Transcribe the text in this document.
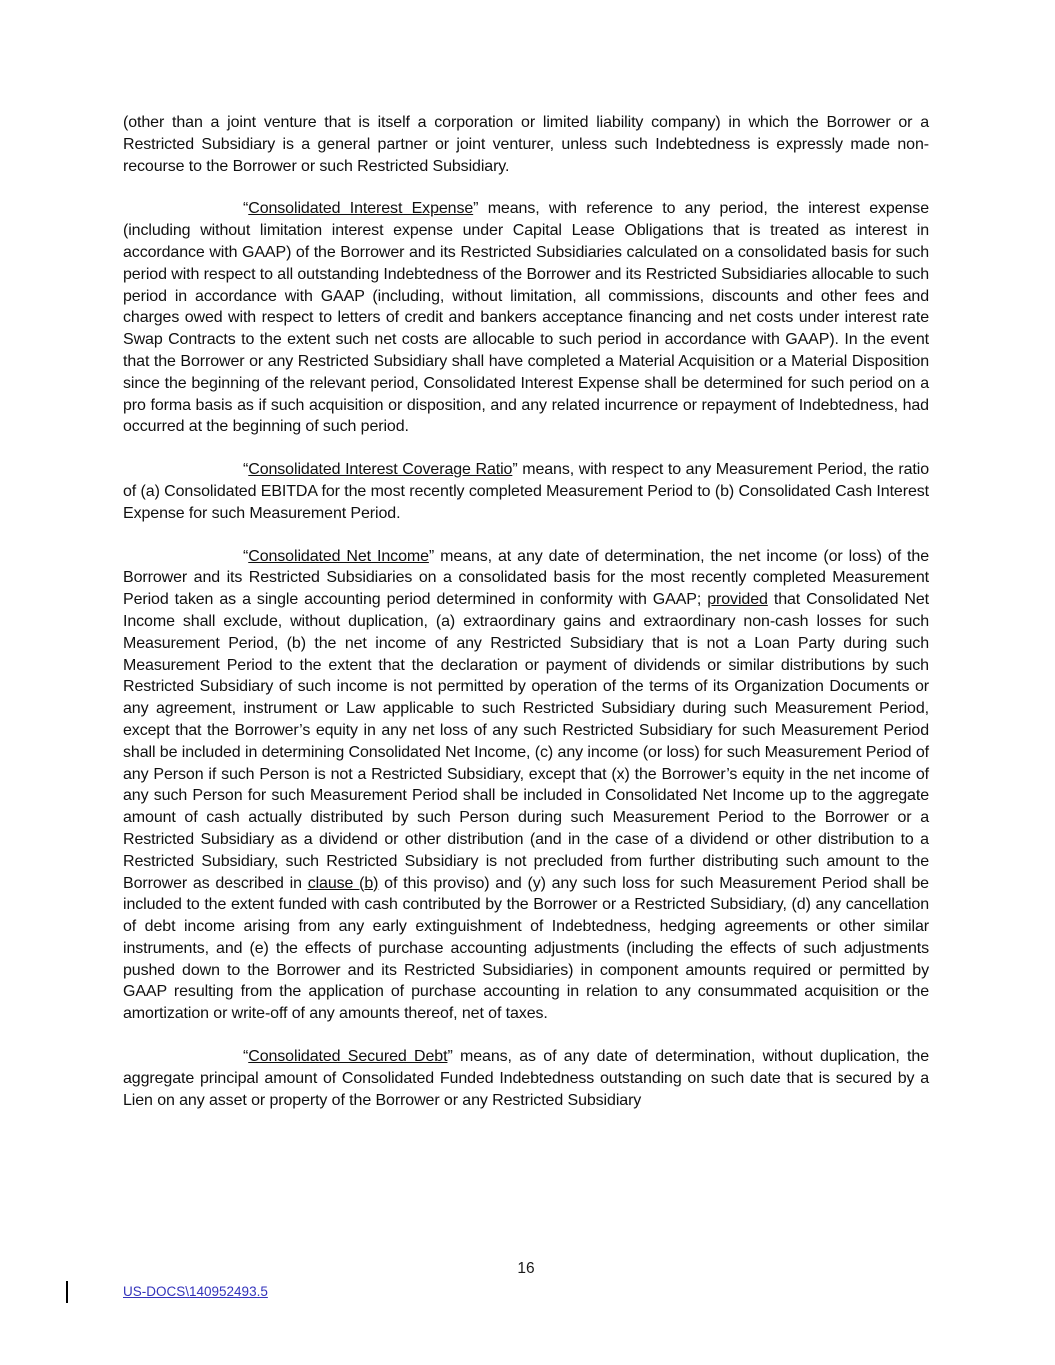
(other than a joint venture that is itself a corporation or limited liability company) in which the Borrower or a Restricted Subsidiary is a general partner or joint venturer, unless such Indebtedness is expressly made non-recourse to the Borrower or such Restricted Subsidiary.

“Consolidated Interest Expense” means, with reference to any period, the interest expense (including without limitation interest expense under Capital Lease Obligations that is treated as interest in accordance with GAAP) of the Borrower and its Restricted Subsidiaries calculated on a consolidated basis for such period with respect to all outstanding Indebtedness of the Borrower and its Restricted Subsidiaries allocable to such period in accordance with GAAP (including, without limitation, all commissions, discounts and other fees and charges owed with respect to letters of credit and bankers acceptance financing and net costs under interest rate Swap Contracts to the extent such net costs are allocable to such period in accordance with GAAP). In the event that the Borrower or any Restricted Subsidiary shall have completed a Material Acquisition or a Material Disposition since the beginning of the relevant period, Consolidated Interest Expense shall be determined for such period on a pro forma basis as if such acquisition or disposition, and any related incurrence or repayment of Indebtedness, had occurred at the beginning of such period.

“Consolidated Interest Coverage Ratio” means, with respect to any Measurement Period, the ratio of (a) Consolidated EBITDA for the most recently completed Measurement Period to (b) Consolidated Cash Interest Expense for such Measurement Period.

“Consolidated Net Income” means, at any date of determination, the net income (or loss) of the Borrower and its Restricted Subsidiaries on a consolidated basis for the most recently completed Measurement Period taken as a single accounting period determined in conformity with GAAP; provided that Consolidated Net Income shall exclude, without duplication, (a) extraordinary gains and extraordinary non-cash losses for such Measurement Period, (b) the net income of any Restricted Subsidiary that is not a Loan Party during such Measurement Period to the extent that the declaration or payment of dividends or similar distributions by such Restricted Subsidiary of such income is not permitted by operation of the terms of its Organization Documents or any agreement, instrument or Law applicable to such Restricted Subsidiary during such Measurement Period, except that the Borrower’s equity in any net loss of any such Restricted Subsidiary for such Measurement Period shall be included in determining Consolidated Net Income, (c) any income (or loss) for such Measurement Period of any Person if such Person is not a Restricted Subsidiary, except that (x) the Borrower’s equity in the net income of any such Person for such Measurement Period shall be included in Consolidated Net Income up to the aggregate amount of cash actually distributed by such Person during such Measurement Period to the Borrower or a Restricted Subsidiary as a dividend or other distribution (and in the case of a dividend or other distribution to a Restricted Subsidiary, such Restricted Subsidiary is not precluded from further distributing such amount to the Borrower as described in clause (b) of this proviso) and (y) any such loss for such Measurement Period shall be included to the extent funded with cash contributed by the Borrower or a Restricted Subsidiary, (d) any cancellation of debt income arising from any early extinguishment of Indebtedness, hedging agreements or other similar instruments, and (e) the effects of purchase accounting adjustments (including the effects of such adjustments pushed down to the Borrower and its Restricted Subsidiaries) in component amounts required or permitted by GAAP resulting from the application of purchase accounting in relation to any consummated acquisition or the amortization or write-off of any amounts thereof, net of taxes.

“Consolidated Secured Debt” means, as of any date of determination, without duplication, the aggregate principal amount of Consolidated Funded Indebtedness outstanding on such date that is secured by a Lien on any asset or property of the Borrower or any Restricted Subsidiary

16
US-DOCS\140952493.5
